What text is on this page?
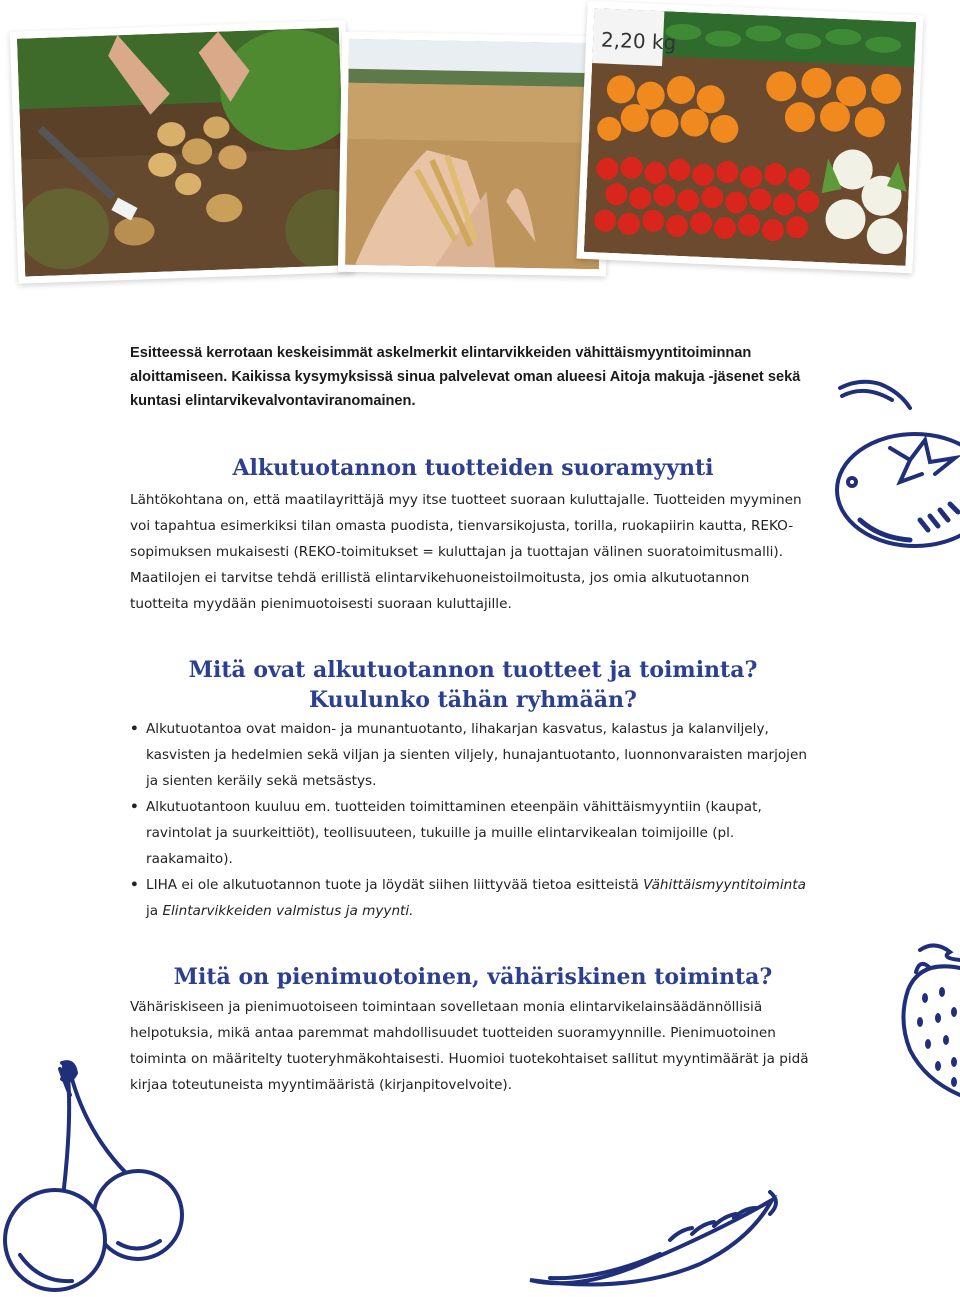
2,20 kg

Esitteessä kerrotaan keskeisimmät askelmerkit elintarvikkeiden vähittäismyyntitoiminnan aloittamiseen. Kaikissa kysymyksissä sinua palvelevat oman alueesi Aitoja makuja -jäsenet sekä kuntasi elintarvikevalvontaviranomainen.

Alkutuotannon tuotteiden suoramyynti

Lähtökohtana on, että maatilayrittäjä myy itse tuotteet suoraan kuluttajalle. Tuotteiden myyminen voi tapahtua esimerkiksi tilan omasta puodista, tienvarsikojusta, torilla, ruokapiirin kautta, REKO-sopimuksen mukaisesti (REKO-toimitukset = kuluttajan ja tuottajan välinen suoratoimitusmalli). Maatilojen ei tarvitse tehdä erillistä elintarvikehuoneistoilmoitusta, jos omia alkutuotannon tuotteita myydään pienimuotoisesti suoraan kuluttajille.

Mitä ovat alkutuotannon tuotteet ja toiminta?
Kuulunko tähän ryhmään?
• Alkutuotantoa ovat maidon- ja munantuotanto, lihakarjan kasvatus, kalastus ja kalanviljely, kasvisten ja hedelmien sekä viljan ja sienten viljely, hunajantuotanto, luonnonvaraisten marjojen ja sienten keräily sekä metsästys.
• Alkutuotantoon kuuluu em. tuotteiden toimittaminen eteenpäin vähittäismyyntiin (kaupat, ravintolat ja suurkeittiöt), teollisuuteen, tukuille ja muille elintarvikealan toimijoille (pl. raakamaito).
• LIHA ei ole alkutuotannon tuote ja löydät siihen liittyvää tietoa esitteistä Vähittäismyyntitoiminta ja Elintarvikkeiden valmistus ja myynti.
Mitä on pienimuotoinen, vähäriskinen toiminta?

Vähäriskiseen ja pienimuotoiseen toimintaan sovelletaan monia elintarvikelainsäädännöllisiä helpotuksia, mikä antaa paremmat mahdollisuudet tuotteiden suoramyynnille. Pienimuotoinen toiminta on määritelty tuoteryhmäkohtaisesti. Huomioi tuotekohtaiset sallitut myyntimäärät ja pidä kirjaa toteutuneista myyntimääristä (kirjanpitovelvoite).
